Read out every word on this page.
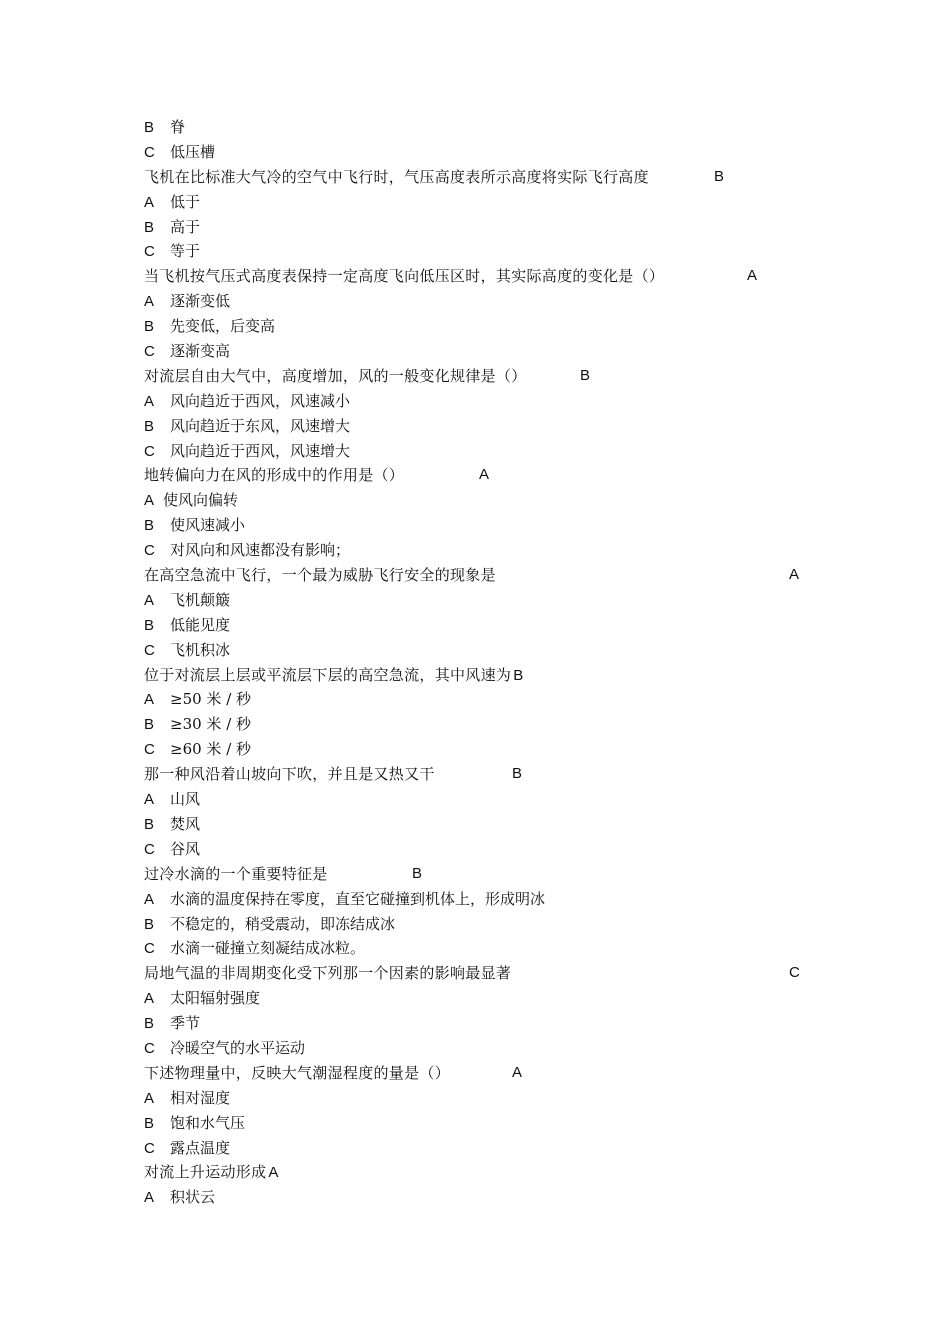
B 脊
C 低压槽
飞机在比标准大气冷的空气中飞行时，气压高度表所示高度将实际飞行高度	B
A 低于
B 高于
C 等于
当飞机按气压式高度表保持一定高度飞向低压区时，其实际高度的变化是（）	A
A 逐渐变低
B 先变低，后变高
C 逐渐变高
对流层自由大气中，高度增加，风的一般变化规律是（）	B
A 风向趋近于西风，风速减小
B 风向趋近于东风，风速增大
C 风向趋近于西风，风速增大
地转偏向力在风的形成中的作用是（）	A
A 使风向偏转
B 使风速减小
C 对风向和风速都没有影响；
在高空急流中飞行，一个最为威胁飞行安全的现象是	A
A 飞机颠簸
B 低能见度
C 飞机积冰
位于对流层上层或平流层下层的高空急流，其中风速为 B
A ≥50 米 / 秒
B ≥30 米 / 秒
C ≥60 米 / 秒
那一种风沿着山坡向下吹，并且是又热又干	B
A 山风
B 焚风
C 谷风
过冷水滴的一个重要特征是	B
A 水滴的温度保持在零度，直至它碰撞到机体上，形成明冰
B 不稳定的，稍受震动，即冻结成冰
C 水滴一碰撞立刻凝结成冰粒。
局地气温的非周期变化受下列那一个因素的影响最显著	C
A 太阳辐射强度
B 季节
C 冷暖空气的水平运动
下述物理量中，反映大气潮湿程度的量是（）	A
A 相对湿度
B 饱和水气压
C 露点温度
对流上升运动形成 A
A 积状云
